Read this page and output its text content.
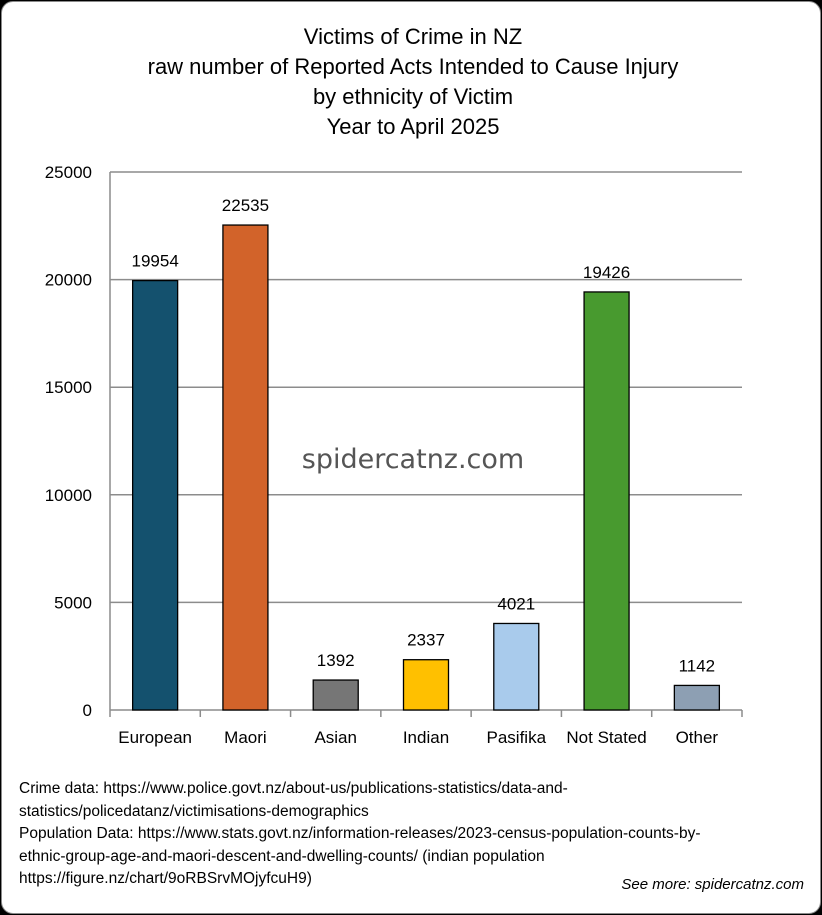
Victims of Crime in NZ
raw number of Reported Acts Intended to Cause Injury
by ethnicity of Victim
Year to April 2025
0
5000
10000
15000
20000
25000
spidercatnz.com
19954
European
22535
Maori
1392
Asian
2337
Indian
4021
Pasifika
19426
Not Stated
1142
Other
Crime data: https://www.police.govt.nz/about-us/publications-statistics/data-and-
statistics/policedatanz/victimisations-demographics
Population Data: https://www.stats.govt.nz/information-releases/2023-census-population-counts-by-
ethnic-group-age-and-maori-descent-and-dwelling-counts/ (indian population
https://figure.nz/chart/9oRBSrvMOjyfcuH9)	See more: spidercatnz.com
